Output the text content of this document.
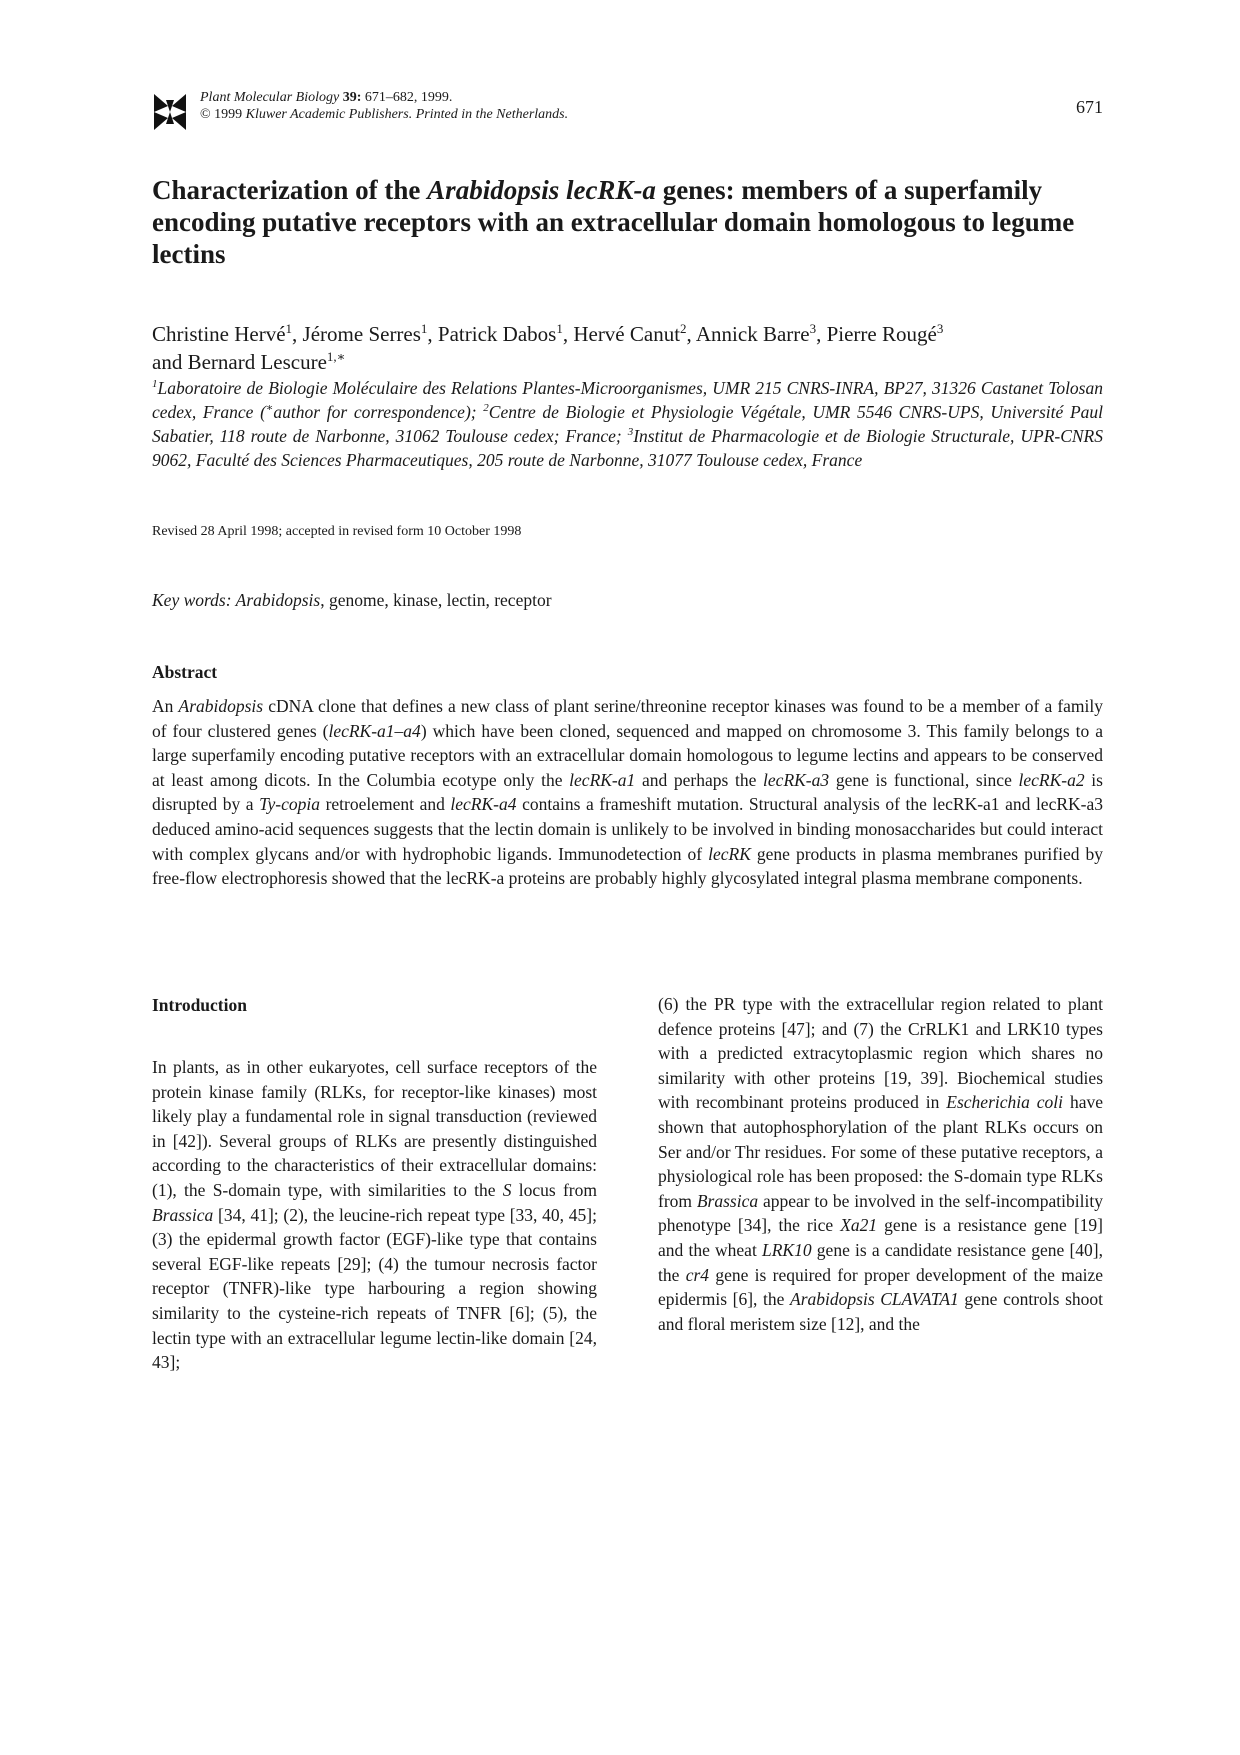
Plant Molecular Biology 39: 671–682, 1999.
© 1999 Kluwer Academic Publishers. Printed in the Netherlands.	671
Characterization of the Arabidopsis lecRK-a genes: members of a superfamily encoding putative receptors with an extracellular domain homologous to legume lectins
Christine Hervé$^1$, Jérome Serres$^1$, Patrick Dabos$^1$, Hervé Canut$^2$, Annick Barre$^3$, Pierre Rougé$^3$
and Bernard Lescure$^{1,∗}$
$^1$Laboratoire de Biologie Moléculaire des Relations Plantes-Microorganismes, UMR 215 CNRS-INRA, BP27, 31326 Castanet Tolosan cedex, France (∗author for correspondence); $^2$Centre de Biologie et Physiologie Végétale, UMR 5546 CNRS-UPS, Université Paul Sabatier, 118 route de Narbonne, 31062 Toulouse cedex; France; $^3$Institut de Pharmacologie et de Biologie Structurale, UPR-CNRS 9062, Faculté des Sciences Pharmaceutiques, 205 route de Narbonne, 31077 Toulouse cedex, France
Revised 28 April 1998; accepted in revised form 10 October 1998
Key words: Arabidopsis, genome, kinase, lectin, receptor
Abstract
An Arabidopsis cDNA clone that defines a new class of plant serine/threonine receptor kinases was found to be a member of a family of four clustered genes (lecRK-a1–a4) which have been cloned, sequenced and mapped on chromosome 3. This family belongs to a large superfamily encoding putative receptors with an extracellular domain homologous to legume lectins and appears to be conserved at least among dicots. In the Columbia ecotype only the lecRK-a1 and perhaps the lecRK-a3 gene is functional, since lecRK-a2 is disrupted by a Ty-copia retroelement and lecRK-a4 contains a frameshift mutation. Structural analysis of the lecRK-a1 and lecRK-a3 deduced amino-acid sequences suggests that the lectin domain is unlikely to be involved in binding monosaccharides but could interact with complex glycans and/or with hydrophobic ligands. Immunodetection of lecRK gene products in plasma membranes purified by free-flow electrophoresis showed that the lecRK-a proteins are probably highly glycosylated integral plasma membrane components.
Introduction
In plants, as in other eukaryotes, cell surface receptors of the protein kinase family (RLKs, for receptor-like kinases) most likely play a fundamental role in signal transduction (reviewed in [42]). Several groups of RLKs are presently distinguished according to the characteristics of their extracellular domains: (1), the S-domain type, with similarities to the S locus from Brassica [34, 41]; (2), the leucine-rich repeat type [33, 40, 45]; (3) the epidermal growth factor (EGF)-like type that contains several EGF-like repeats [29]; (4) the tumour necrosis factor receptor (TNFR)-like type harbouring a region showing similarity to the cysteine-rich repeats of TNFR [6]; (5), the lectin type with an extracellular legume lectin-like domain [24, 43];
(6) the PR type with the extracellular region related to plant defence proteins [47]; and (7) the CrRLK1 and LRK10 types with a predicted extracytoplasmic region which shares no similarity with other proteins [19, 39]. Biochemical studies with recombinant proteins produced in Escherichia coli have shown that autophosphorylation of the plant RLKs occurs on Ser and/or Thr residues. For some of these putative receptors, a physiological role has been proposed: the S-domain type RLKs from Brassica appear to be involved in the self-incompatibility phenotype [34], the rice Xa21 gene is a resistance gene [19] and the wheat LRK10 gene is a candidate resistance gene [40], the cr4 gene is required for proper development of the maize epidermis [6], the Arabidopsis CLAVATA1 gene controls shoot and floral meristem size [12], and the
